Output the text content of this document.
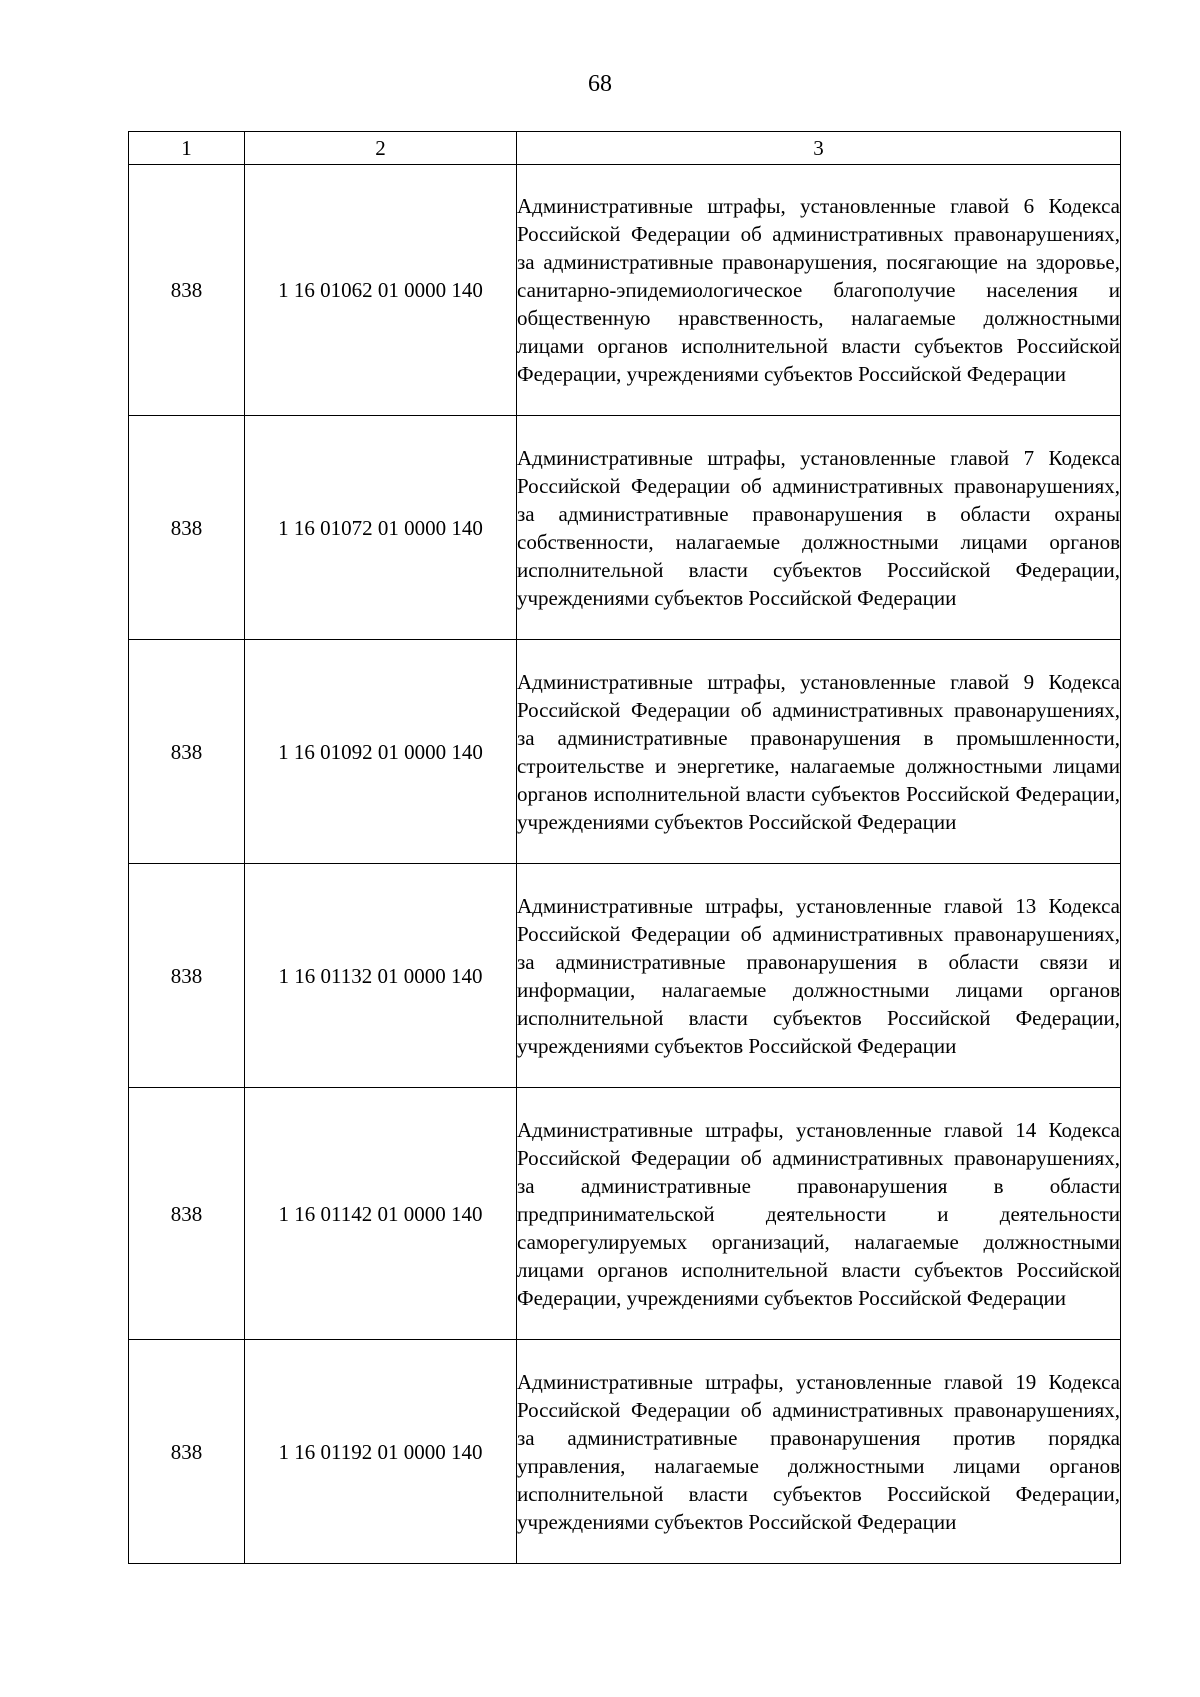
68
1	2	3
838	1 16 01062 01 0000 140	Административные штрафы, установленные главой 6 Кодекса Российской Федерации об административных правонарушениях, за административные правонарушения, посягающие на здоровье, санитарно-эпидемиологическое благополучие населения и общественную нравственность, налагаемые должностными лицами органов исполнительной власти субъектов Российской Федерации, учреждениями субъектов Российской Федерации
838	1 16 01072 01 0000 140	Административные штрафы, установленные главой 7 Кодекса Российской Федерации об административных правонарушениях, за административные правонарушения в области охраны собственности, налагаемые должностными лицами органов исполнительной власти субъектов Российской Федерации, учреждениями субъектов Российской Федерации
838	1 16 01092 01 0000 140	Административные штрафы, установленные главой 9 Кодекса Российской Федерации об административных правонарушениях, за административные правонарушения в промышленности, строительстве и энергетике, налагаемые должностными лицами органов исполнительной власти субъектов Российской Федерации, учреждениями субъектов Российской Федерации
838	1 16 01132 01 0000 140	Административные штрафы, установленные главой 13 Кодекса Российской Федерации об административных правонарушениях, за административные правонарушения в области связи и информации, налагаемые должностными лицами органов исполнительной власти субъектов Российской Федерации, учреждениями субъектов Российской Федерации
838	1 16 01142 01 0000 140	Административные штрафы, установленные главой 14 Кодекса Российской Федерации об административных правонарушениях, за административные правонарушения в области предпринимательской деятельности и деятельности саморегулируемых организаций, налагаемые должностными лицами органов исполнительной власти субъектов Российской Федерации, учреждениями субъектов Российской Федерации
838	1 16 01192 01 0000 140	Административные штрафы, установленные главой 19 Кодекса Российской Федерации об административных правонарушениях, за административные правонарушения против порядка управления, налагаемые должностными лицами органов исполнительной власти субъектов Российской Федерации, учреждениями субъектов Российской Федерации
